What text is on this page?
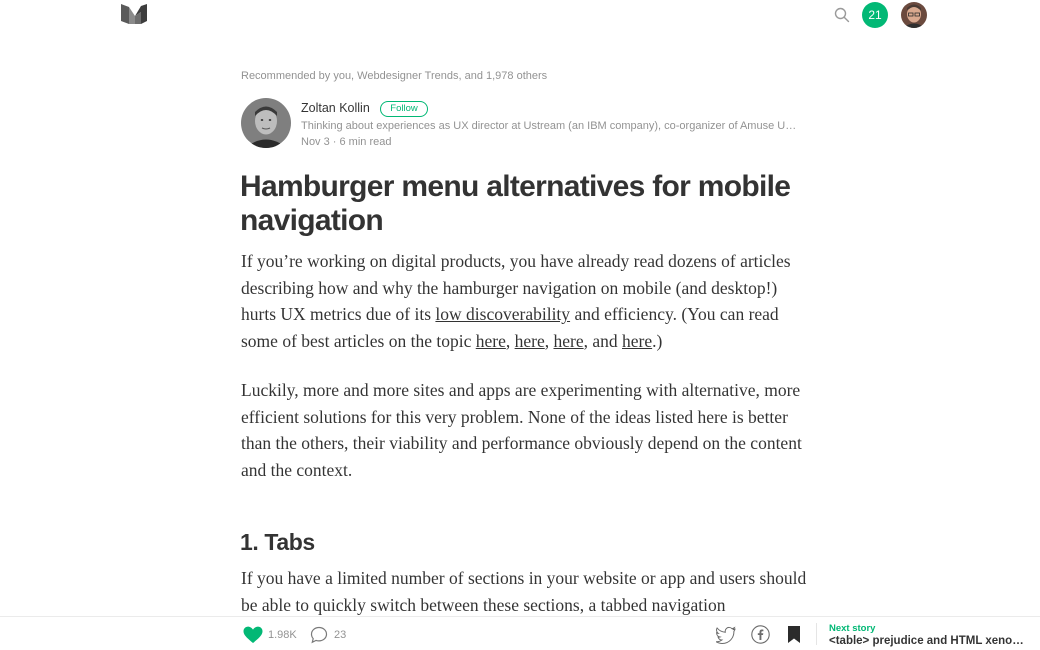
21
Recommended by you, Webdesigner Trends, and 1,978 others
Zoltan Kollin	Follow
Thinking about experiences as UX director at Ustream (an IBM company), co-organizer of Amuse U…
Nov 3 · 6 min read
Hamburger menu alternatives for mobile navigation

If you’re working on digital products, you have already read dozens of articles describing how and why the hamburger navigation on mobile (and desktop!) hurts UX metrics due of its low discoverability and efficiency. (You can read some of best articles on the topic here, here, here, and here.)

Luckily, more and more sites and apps are experimenting with alternative, more efficient solutions for this very problem. None of the ideas listed here is better than the others, their viability and performance obviously depend on the content and the context.

1. Tabs

If you have a limited number of sections in your website or app and users should be able to quickly switch between these sections, a tabbed navigation

1.98K	23
Next story
<table> prejudice and HTML xeno…
